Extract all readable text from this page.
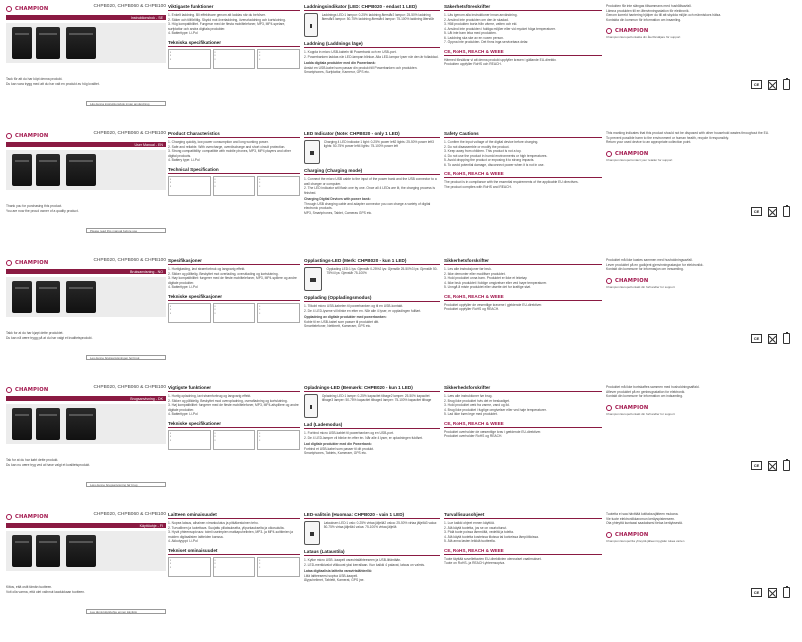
CHAMPION	CHPB020, CHPB060 & CHPB100
Instruktionsbok - SE
Tack för att du har köpt denna produkt.
Du kan vara trygg med att du har valt en produkt av hög kvalitet.
Läs denna instruktionsbok innan användning
Viktigaste funktioner
1. Enkelt laddning. Bli effektivare genom att laddas när du behöver.
2. Säker och tillförlitlig. Skydd mot överladdning, överurladdning och kortslutning.
3. Hög kompatibilitet. Fungerar med de flesta mobiltelefoner, MP3, MP4-spelare, surfplattor och andra digitala produkter.
4. Batteritype: Li-Pol
Tekniska specifikationer
▪
▪
▪
▪
▪
▪
▪
▪
▪
Laddningsindikator (LED: CHPB020 - endast 1 LED)
Laddnings LED:1 lampor: 0-25% laddning återstår2 lampor: 25-50% laddning återstår3 lampor: 50-75% laddning återstår4 lampor: 75-100% laddning återstår
Laddning (Laddnings läge)
1. Koppla in micro USB-kabeln till Powerbank och en USB-port.
2. Powerbanken laddas när LED-lampan blinkar. Alla LED-lampor lyser när den är fulladdad.
Ladda digitala produkter med din Powerbank:
Anslut en USB-kabel som passar din produkt till Powerbanken och produkten.
Smartphones, Surfplattor, Kameror, GPS etc.
Säkerhetsföreskrifter
1. Läs igenom alla instruktioner innan användning.
2. Använd inte produkten om den är skadad.
3. Håll produkten borta från värme, vatten och eld.
4. Använd inte produkten i fuktiga miljöer eller vid mycket höga temperaturer.
5. Låt inte barn leka med produkten.
6. Laddning ska ske av en vuxen person.
7. Öppna inte produkten. Det finns inga servicebara delar.
CE, RoHS, REACH & WEEE
Härmed försäkrar vi att denna produkt uppfyller kraven i gällande EU-direktiv.
Produkten uppfyller RoHS och REACH.
Produkten får inte slängas tillsammans med hushållsavfall.
Lämna produkten till en återvinningsstation för elektronik.
Genom korrekt hantering hjälper du till att skydda miljön och människors hälsa.
Kontakta din kommun för information om insamling.
CHAMPION
Champion EuropeKontakta din återförsäljare för support
CE
CHAMPION	CHPB020, CHPB060 & CHPB100
User Manual - EN
Thank you for purchasing this product.
You are now the proud owner of a quality product.
Please read this manual before use
Product Characteristics
1. Charging quickly, low power consumption and long working power.
2. Safe and reliable. With overcharge, overdischarge and short circuit protection.
3. Strong compatibility: compatible with mobile phones, MP3, MP4 players and other digital products.
4. Battery type: Li-Pol
Technical Specification
▪
▪
▪
▪
▪
▪
▪
▪
▪
LED Indicator (Note: CHPB020 - only 1 LED)
Charging 4 LED indicator:1 light: 0-25% power left2 lights: 25-50% power left3 lights: 50-75% power left4 lights: 75-100% power left
Charging (Charging mode)
1. Connect the micro USB cable to the input of the power bank and the USB connector to a wall charger or computer.
2. The LED indicator will flash one by one. Once all 4 LEDs are lit, the charging process is finished.
Charging Digital Devices with power bank:
Through USB charging cable and adapter connector you can charge a variety of digital electronic products.
MP3, Smartphones, Tablet, Cameras GPS etc.
Safety Cautions
1. Confirm the input voltage of the digital device before charging.
2. Do not disassemble or modify the product.
3. Keep away from children. This product is not a toy.
4. Do not use the product in humid environments or high temperatures.
5. Avoid dropping the product or exposing it to strong impacts.
6. To avoid potential damage, disconnect power when it is not in use.
CE, RoHS, REACH & WEEE
The product is in compliance with the essential requirements of the applicable EU directives.
The product complies with RoHS and REACH.
This marking indicates that this product should not be disposed with other household wastes throughout the EU.
To prevent possible harm to the environment or human health, recycle it responsibly.
Return your used device to an appropriate collection point.
CHAMPION
Champion EuropeContact your retailer for support
CE
CHAMPION	CHPB020, CHPB060 & CHPB100
Bruksanvisning - NO
Takk for at du har kjøpt dette produktet.
Du kan nå være trygg på at du har valgt et kvalitetsprodukt.
Les denne bruksanvisningen før bruk
Spesifikasjoner
1. Hurtiglasting, lavt strømforbruk og langvarig effekt.
2. Sikker og pålitelig. Beskyttet mot overlading, overutlading og kortslutning.
3. Høy kompatibilitet: fungerer med de fleste mobiltelefoner, MP3, MP4-spillere og andre digitale produkter.
4. Batteritype: Li-Pol
Tekniske spesifikasjoner
▪
▪
▪
▪
▪
▪
▪
▪
▪
Opplastings-LED (Merk: CHPB020 - kun 1 LED)
Opplading LED:1 lys: Gjenstår 0-25%2 lys: Gjenstår 25-50%3 lys: Gjenstår 50-75%4 lys: Gjenstår 75-100%
Opplading (Oppladingsmodus)
1. Tilkobl micro USB-kabelen til powerbanken og til en USB-kontakt.
2. De 4 LED-lysene vil blinke en etter en. Når alle 4 lyser, er oppladingen fullført.
Oppladning av digitale produkter med powerbanken:
Koble til en USB-kabel som passer til produktet ditt.
Smarttelefoner, Nettbrett, Kameraer, GPS etc.
Sikkerhetsforskrifter
1. Les alle instruksjoner før bruk.
2. Ikke demonter eller modifiser produktet.
3. Hold produktet unna barn. Produktet er ikke et leketøy.
4. Ikke bruk produktet i fuktige omgivelser eller ved høye temperaturer.
5. Unngå å miste produktet eller utsette det for kraftige støt.
CE, RoHS, REACH & WEEE
Produktet oppfyller de vesentlige kravene i gjeldende EU-direktiver.
Produktet oppfyller RoHS og REACH.
Produktet må ikke kastes sammen med husholdningsavfall.
Lever produktet på en godkjent gjenvinningsstasjon for elektronikk.
Kontakt din kommune for informasjon om innsamling.
CHAMPION
Champion EuropeKontakt din forhandler for support
CE
CHAMPION	CHPB020, CHPB060 & CHPB100
Brugsanvisning - DK
Tak for at du har købt dette produkt.
Du kan nu være tryg ved at have valgt et kvalitetsprodukt.
Læs denne brugsanvisning før brug
Vigtigste funktioner
1. Hurtig opladning, lavt strømforbrug og langvarig effekt.
2. Sikker og pålidelig. Beskyttet mod overopladning, overafladning og kortslutning.
3. Høj kompatibilitet: fungerer med de fleste mobiltelefoner, MP3, MP4-afspillere og andre digitale produkter.
4. Batteritype: Li-Pol
Tekniske specifikationer
▪
▪
▪
▪
▪
▪
▪
▪
▪
Opladnings-LED (Bemærk: CHPB020 - kun 1 LED)
Opladning LED:1 lampe: 0-25% kapacitet tilbage2 lamper: 25-50% kapacitet tilbage3 lamper: 50-75% kapacitet tilbage4 lamper: 75-100% kapacitet tilbage
Lad (Lademodus)
1. Forbind micro USB-kablet til powerbanken og en USB-port.
2. De 4 LED-lamper vil blinke én efter én. Når alle 4 lyser, er opladningen fuldført.
Lad digitale produkter med din Powerbank:
Forbind et USB-kabel som passer til dit produkt.
Smartphones, Tablets, Kameraer, GPS etc.
Sikkerhedsforskrifter
1. Læs alle instruktioner før brug.
2. Brug ikke produktet hvis det er beskadiget.
3. Hold produktet væk fra varme, vand og ild.
4. Brug ikke produktet i fugtige omgivelser eller ved høje temperaturer.
5. Lad ikke børn lege med produktet.
CE, RoHS, REACH & WEEE
Produktet overholder de væsentlige krav i gældende EU-direktiver.
Produktet overholder RoHS og REACH.
Produktet må ikke bortskaffes sammen med husholdningsaffald.
Aflever produktet på en genbrugsstation for elektronik.
Kontakt din kommune for information om indsamling.
CHAMPION
Champion EuropeKontakt din forhandler for support
CE
CHAMPION	CHPB020, CHPB060 & CHPB100
Käyttöohje - FI
Kiitos, että ostit tämän tuotteen.
Voit olla varma, että olet valinnut laadukkaan tuotteen.
Lue tämä käyttöohje ennen käyttöä
Laitteen ominaisuudet
1. Nopea lataus, alhainen virrankulutus ja pitkäkestoinen teho.
2. Turvallinen ja luotettava. Suojattu ylilataukselta, ylipurkaukselta ja oikosululta.
3. Hyvä yhteensopivuus: toimii useimpien matkapuhelinten, MP3- ja MP4-soittimien ja muiden digitaalisten laitteiden kanssa.
4. Akkutyyppi: Li-Pol
Tekniset ominaisuudet
▪
▪
▪
▪
▪
▪
▪
▪
▪
LED-valitsin (Huomaa: CHPB020 - vain 1 LED)
Latauksen LED:1 valo: 0-25% virtaa jäljellä2 valoa: 25-50% virtaa jäljellä3 valoa: 50-75% virtaa jäljellä4 valoa: 75-100% virtaa jäljellä
Lataus (Lataustila)
1. Kytke micro USB -kaapeli varavirtalähteeseen ja USB-liitäntään.
2. LED-merkkivalot vilkkuvat yksi kerrallaan. Kun kaikki 4 palavat, lataus on valmis.
Lataa digitaalisia laitteita varavirtalähteellä:
Liitä laitteeseesi sopiva USB-kaapeli.
Älypuhelimet, Tabletit, Kamerat, GPS jne.
Turvallisuusohjeet
1. Lue kaikki ohjeet ennen käyttöä.
2. Älä käytä tuotetta, jos se on vaurioitunut.
3. Pidä tuote poissa lämmöltä, vedeltä ja tulelta.
4. Älä käytä tuotetta kosteissa tiloissa tai korkeissa lämpötiloissa.
5. Älä anna lasten leikkiä tuotteella.
CE, RoHS, REACH & WEEE
Tuote täyttää sovellettavien EU-direktiivien olennaiset vaatimukset.
Tuote on RoHS- ja REACH-yhteensopiva.
Tuotetta ei saa hävittää kotitalousjätteen mukana.
Vie tuote elektroniikkaromun keräyspisteeseen.
Ota yhteyttä kuntaasi saadaksesi tietoa keräyksestä.
CHAMPION
Champion EuropeOta yhteyttä jälleenmyyjään tukea varten
CE
